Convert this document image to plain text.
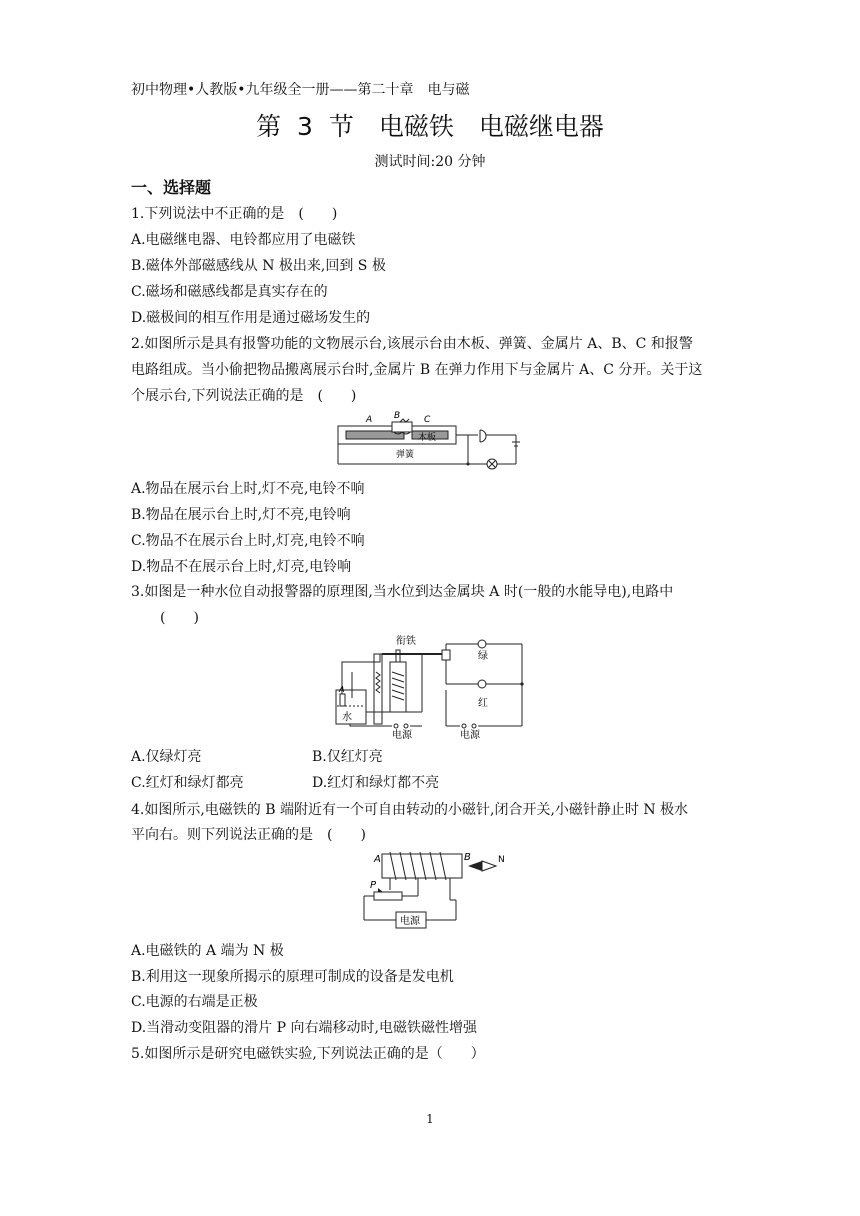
初中物理•人教版•九年级全一册——第二十章　电与磁
第 3 节　电磁铁　电磁继电器
测试时间:20 分钟
一、选择题
1.下列说法中不正确的是　(　　)
A.电磁继电器、电铃都应用了电磁铁
B.磁体外部磁感线从 N 极出来,回到 S 极
C.磁场和磁感线都是真实存在的
D.磁极间的相互作用是通过磁场发生的
2.如图所示是具有报警功能的文物展示台,该展示台由木板、弹簧、金属片 A、B、C 和报警
电路组成。当小偷把物品搬离展示台时,金属片 B 在弹力作用下与金属片 A、C 分开。关于这
个展示台,下列说法正确的是　(　　)
A B	C
木板
弹簧
A.物品在展示台上时,灯不亮,电铃不响
B.物品在展示台上时,灯不亮,电铃响
C.物品不在展示台上时,灯亮,电铃不响
D.物品不在展示台上时,灯亮,电铃响
3.如图是一种水位自动报警器的原理图,当水位到达金属块 A 时(一般的水能导电),电路中
(　　)
衔铁
绿
红
A
水
电源	电源
A.仅绿灯亮	B.仅红灯亮
C.红灯和绿灯都亮	D.红灯和绿灯都不亮
4.如图所示,电磁铁的 B 端附近有一个可自由转动的小磁针,闭合开关,小磁针静止时 N 极水
平向右。则下列说法正确的是　(　　)
A	B	N
P
电源
A.电磁铁的 A 端为 N 极
B.利用这一现象所揭示的原理可制成的设备是发电机
C.电源的右端是正极
D.当滑动变阻器的滑片 P 向右端移动时,电磁铁磁性增强
5.如图所示是研究电磁铁实验,下列说法正确的是（　　）
1
